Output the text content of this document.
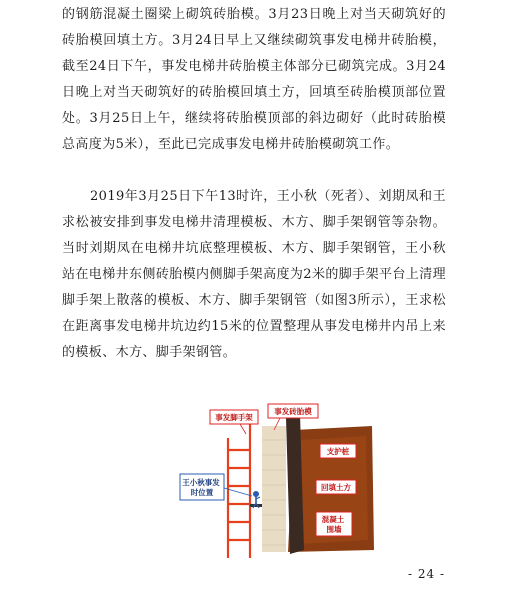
的钢筋混凝土圈梁上砌筑砖胎模。3月23日晚上对当天砌筑好的砖胎模回填土方。3月24日早上又继续砌筑事发电梯井砖胎模，截至24日下午，事发电梯井砖胎模主体部分已砌筑完成。3月24日晚上对当天砌筑好的砖胎模回填土方，回填至砖胎模顶部位置处。3月25日上午，继续将砖胎模顶部的斜边砌好（此时砖胎模总高度为5米），至此已完成事发电梯井砖胎模砌筑工作。
2019年3月25日下午13时许，王小秋（死者）、刘期凤和王求松被安排到事发电梯井清理模板、木方、脚手架钢管等杂物。当时刘期凤在电梯井坑底整理模板、木方、脚手架钢管，王小秋站在电梯井东侧砖胎模内侧脚手架高度为2米的脚手架平台上清理脚手架上散落的模板、木方、脚手架钢管（如图3所示），王求松在距离事发电梯井坑边约15米的位置整理从事发电梯井内吊上来的模板、木方、脚手架钢管。
事发脚手架
事发砖胎模
支护桩
回填土方
混凝土 围墙
王小秋事发 时位置
- 24 -
